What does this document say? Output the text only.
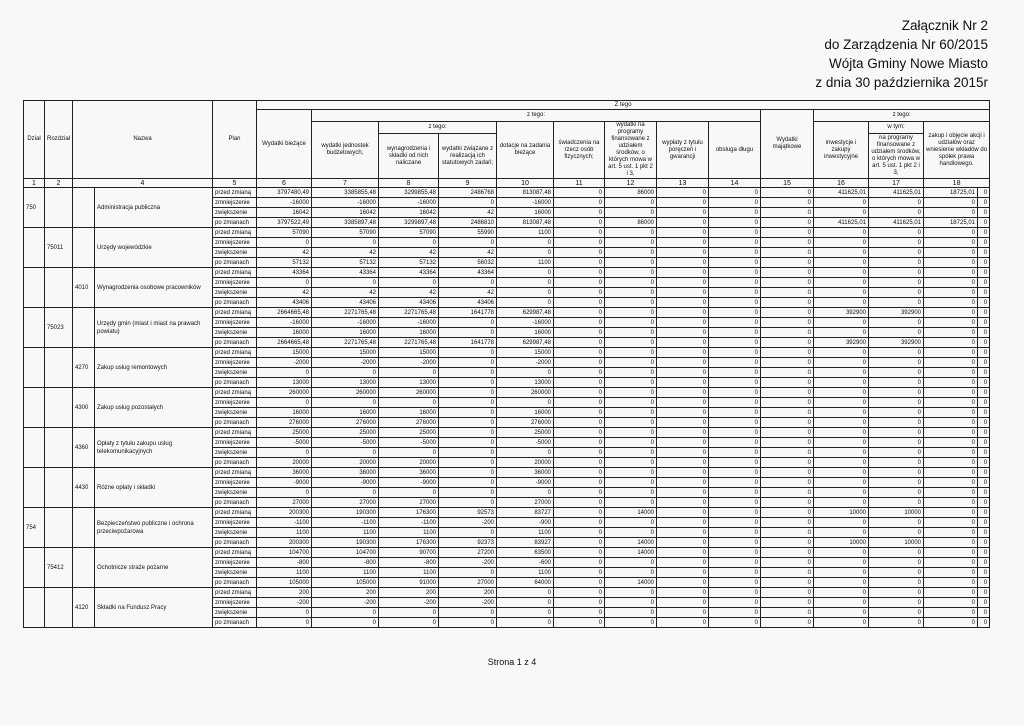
Załącznik Nr 2
do Zarządzenia Nr 60/2015
Wójta Gminy Nowe Miasto
z dnia 30 października 2015r
Dział	Rozdział	Nazwa		Plan	Z tego														
					Wydatki bieżące	z tego:								Wydatki majątkowe	z tego:				
						wydatki jednostek budżetowych,	z tego:		dotacje na zadania bieżące	świadczenia na rzecz osób fizycznych;	wydatki na programy finansowane z udziałem środków, o których mowa w art. 5 ust. 1 pkt 2 i 3,	wypłaty z tytułu poręczeń i gwarancji	obsługa długu		inwestycje i zakupy inwestycyjne	w tym:	zakup i objęcie akcji i udziałów oraz wniesienie wkładów do spółek prawa handlowego.		
							wynagrodzenia i składki od nich naliczane	wydatki związane z realizacją ich statutowych zadań;								na programy finansowane z udziałem środków, o których mowa w art. 5 ust. 1 pkt 2 i 3,			
1	2	4		5	6	7	8	9	10	11	12	13	14	15	16	17	18		
750			Administracja publiczna	przed zmianą	3797480,49	3385855,48	3299855,48	2486768	813087,48	0	86000	0	0	0	411625,01	411625,01	18725,01	0	
				zmniejszenie	-16000	-16000	-16000	0	-16000	0	0	0	0	0	0	0	0	0	
				zwiększenie	16042	16042	16042	42	16000	0	0	0	0	0	0	0	0	0	
				po zmianach	3797522,49	3385897,48	3299897,48	2486810	813087,48	0	86000	0	0	0	411625,01	411625,01	18725,01	0	
	75011		Urzędy wojewódzkie	przed zmianą	57090	57090	57090	55990	1100	0	0	0	0	0	0	0	0	0	
				zmniejszenie	0	0	0	0	0	0	0	0	0	0	0	0	0	0	
				zwiększenie	42	42	42	42	0	0	0	0	0	0	0	0	0	0	
				po zmianach	57132	57132	57132	56032	1100	0	0	0	0	0	0	0	0	0	
		4010	Wynagrodzenia osobowe pracowników	przed zmianą	43364	43364	43364	43364	0	0	0	0	0	0	0	0	0	0	
				zmniejszenie	0	0	0	0	0	0	0	0	0	0	0	0	0	0	
				zwiększenie	42	42	42	42	0	0	0	0	0	0	0	0	0	0	
				po zmianach	43406	43406	43406	43406	0	0	0	0	0	0	0	0	0	0	
	75023		Urzędy gmin (miast i miast na prawach powiatu)	przed zmianą	2664665,48	2271765,48	2271765,48	1641778	629987,48	0	0	0	0	0	392900	392900	0	0	
				zmniejszenie	-16000	-16000	-16000	0	-16000	0	0	0	0	0	0	0	0	0	
				zwiększenie	16000	16000	16000	0	16000	0	0	0	0	0	0	0	0	0	
				po zmianach	2664665,48	2271765,48	2271765,48	1641778	629987,48	0	0	0	0	0	392900	392900	0	0	
		4270	Zakup usług remontowych	przed zmianą	15000	15000	15000	0	15000	0	0	0	0	0	0	0	0	0	
				zmniejszenie	-2000	-2000	-2000	0	-2000	0	0	0	0	0	0	0	0	0	
				zwiększenie	0	0	0	0	0	0	0	0	0	0	0	0	0	0	
				po zmianach	13000	13000	13000	0	13000	0	0	0	0	0	0	0	0	0	
		4300	Zakup usług pozostałych	przed zmianą	260000	260000	260000	0	260000	0	0	0	0	0	0	0	0	0	
				zmniejszenie	0	0	0	0	0	0	0	0	0	0	0	0	0	0	
				zwiększenie	16000	16000	16000	0	16000	0	0	0	0	0	0	0	0	0	
				po zmianach	276000	276000	276000	0	276000	0	0	0	0	0	0	0	0	0	
		4360	Opłaty z tytułu zakupu usług telekomunikacyjnych	przed zmianą	25000	25000	25000	0	25000	0	0	0	0	0	0	0	0	0	
				zmniejszenie	-5000	-5000	-5000	0	-5000	0	0	0	0	0	0	0	0	0	
				zwiększenie	0	0	0	0	0	0	0	0	0	0	0	0	0	0	
				po zmianach	20000	20000	20000	0	20000	0	0	0	0	0	0	0	0	0	
		4430	Różne opłaty i składki	przed zmianą	36000	36000	36000	0	36000	0	0	0	0	0	0	0	0	0	
				zmniejszenie	-9000	-9000	-9000	0	-9000	0	0	0	0	0	0	0	0	0	
				zwiększenie	0	0	0	0	0	0	0	0	0	0	0	0	0	0	
				po zmianach	27000	27000	27000	0	27000	0	0	0	0	0	0	0	0	0	
754			Bezpieczeństwo publiczne i ochrona przeciwpożarowa	przed zmianą	200300	190300	176300	92573	83727	0	14000	0	0	0	10000	10000	0	0	
				zmniejszenie	-1100	-1100	-1100	-200	-900	0	0	0	0	0	0	0	0	0	
				zwiększenie	1100	1100	1100	0	1100	0	0	0	0	0	0	0	0	0	
				po zmianach	200300	190300	176300	92373	83927	0	14000	0	0	0	10000	10000	0	0	
	75412		Ochotnicze straże pożarne	przed zmianą	104700	104700	90700	27200	63500	0	14000	0	0	0	0	0	0	0	
				zmniejszenie	-800	-800	-800	-200	-600	0	0	0	0	0	0	0	0	0	
				zwiększenie	1100	1100	1100	0	1100	0	0	0	0	0	0	0	0	0	
				po zmianach	105000	105000	91000	27000	64000	0	14000	0	0	0	0	0	0	0	
		4120	Składki na Fundusz Pracy	przed zmianą	200	200	200	200	0	0	0	0	0	0	0	0	0	0	
				zmniejszenie	-200	-200	-200	-200	0	0	0	0	0	0	0	0	0	0	
				zwiększenie	0	0	0	0	0	0	0	0	0	0	0	0	0	0	
				po zmianach	0	0	0	0	0	0	0	0	0	0	0	0	0	0	
Strona 1 z 4
